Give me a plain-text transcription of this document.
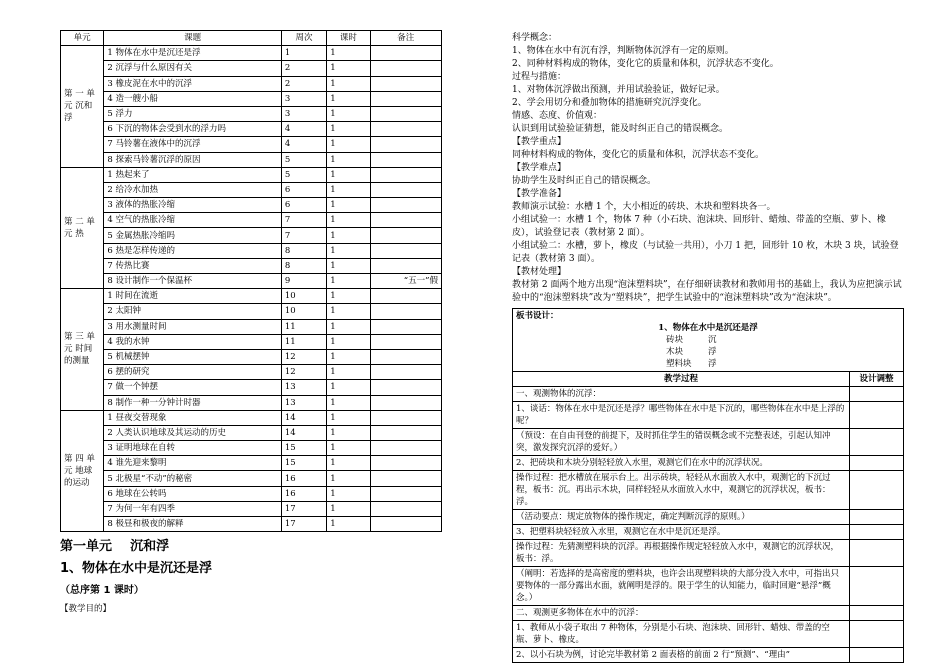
单元	课题	周次	课时	备注
第 一 单 元 沉和浮	1 物体在水中是沉还是浮	1	1	
	2 沉浮与什么原因有关	2	1	
	3 橡皮泥在水中的沉浮	2	1	
	4 造一艘小船	3	1	
	5 浮力	3	1	
	6 下沉的物体会受到水的浮力吗	4	1	
	7 马铃薯在液体中的沉浮	4	1	
	8 探索马铃薯沉浮的原因	5	1	
第 二 单 元 热	1 热起来了	5	1	
	2 给冷水加热	6	1	
	3 液体的热胀冷缩	6	1	
	4 空气的热胀冷缩	7	1	
	5 金属热胀冷缩吗	7	1	
	6 热是怎样传递的	8	1	
	7 传热比赛	8	1	
	8 设计制作一个保温杯	9	1	“五一”假
第 三 单 元 时间的测量	1 时间在流逝	10	1	
	2 太阳钟	10	1	
	3 用水测量时间	11	1	
	4 我的水钟	11	1	
	5 机械摆钟	12	1	
	6 摆的研究	12	1	
	7 做一个钟摆	13	1	
	8 制作一种一分钟计时器	13	1	
第 四 单 元 地球的运动	1 昼夜交替现象	14	1	
	2 人类认识地球及其运动的历史	14	1	
	3 证明地球在自转	15	1	
	4 谁先迎来黎明	15	1	
	5 北极星“不动”的秘密	16	1	
	6 地球在公转吗	16	1	
	7 为何一年有四季	17	1	
	8 极昼和极夜的解释	17	1	
第一单元    沉和浮
1、物体在水中是沉还是浮
（总序第 1 课时）
【教学目的】

科学概念：

1、物体在水中有沉有浮，判断物体沉浮有一定的原则。

2、同种材料构成的物体，变化它的质量和体积，沉浮状态不变化。

过程与措施：

1、对物体沉浮做出预测，并用试验验证，做好记录。

2、学会用切分和叠加物体的措施研究沉浮变化。

情感、态度、价值观：

认识到用试验验证猜想，能及时纠正自己的错误概念。

【教学重点】

同种材料构成的物体，变化它的质量和体积，沉浮状态不变化。

【教学难点】

协助学生及时纠正自己的错误概念。

【教学准备】

教师演示试验：水槽 1 个，大小相近的砖块、木块和塑料块各一。

小组试验一：水槽 1 个，物体 7 种（小石块、泡沫块、回形针、蜡烛、带盖的空瓶、萝卜、橡皮），试验登记表（教材第 2 面）。

小组试验二：水槽，萝卜，橡皮（与试验一共用），小刀 1 把，回形针 10 枚，木块 3 块，试验登记表（教材第 3 面）。

【教材处理】

教材第 2 面两个地方出现“泡沫塑料块”，在仔细研读教材和教师用书的基础上，我认为应把演示试验中的“泡沫塑料块”改为“塑料块”，把学生试验中的“泡沫塑料块”改为“泡沫块”。

板书设计：
1、物体在水中是沉还是浮
砖块 沉
木块 浮
塑料块 浮	

教学过程	设计调整
一、观测物体的沉浮：	
1、谈话：物体在水中是沉还是浮？哪些物体在水中是下沉的，哪些物体在水中是上浮的呢？	
（预设：在自由刊登的前提下，及时抓住学生的错误概念或不完整表述，引起认知冲突，激发探究沉浮的爱好。）	
2、把砖块和木块分别轻轻放入水里，观测它们在水中的沉浮状况。	
操作过程：把水槽放在展示台上。出示砖块，轻轻从水面放入水中，观测它的下沉过程，板书：沉。再出示木块，同样轻轻从水面放入水中，观测它的沉浮状况，板书：浮。	
（活动要点：规定放物体的操作规定，确定判断沉浮的原则。）	
3、把塑料块轻轻放入水里，观测它在水中是沉还是浮。	
操作过程：先猜测塑料块的沉浮。再根据操作规定轻轻放入水中，观测它的沉浮状况，板书：浮。	
（阐明：若选择的是高密度的塑料块，也许会出现塑料块的大部分没入水中，可指出只要物体的一部分露出水面，就阐明是浮的。限于学生的认知能力，临时回避“悬浮”概念。）	
二、观测更多物体在水中的沉浮：	
1、教师从小袋子取出 7 种物体，分别是小石块、泡沫块、回形针、蜡烛、带盖的空瓶、萝卜、橡皮。	
2、以小石块为例，讨论完毕教材第 2 面表格的前面 2 行“预测”、“理由”	
